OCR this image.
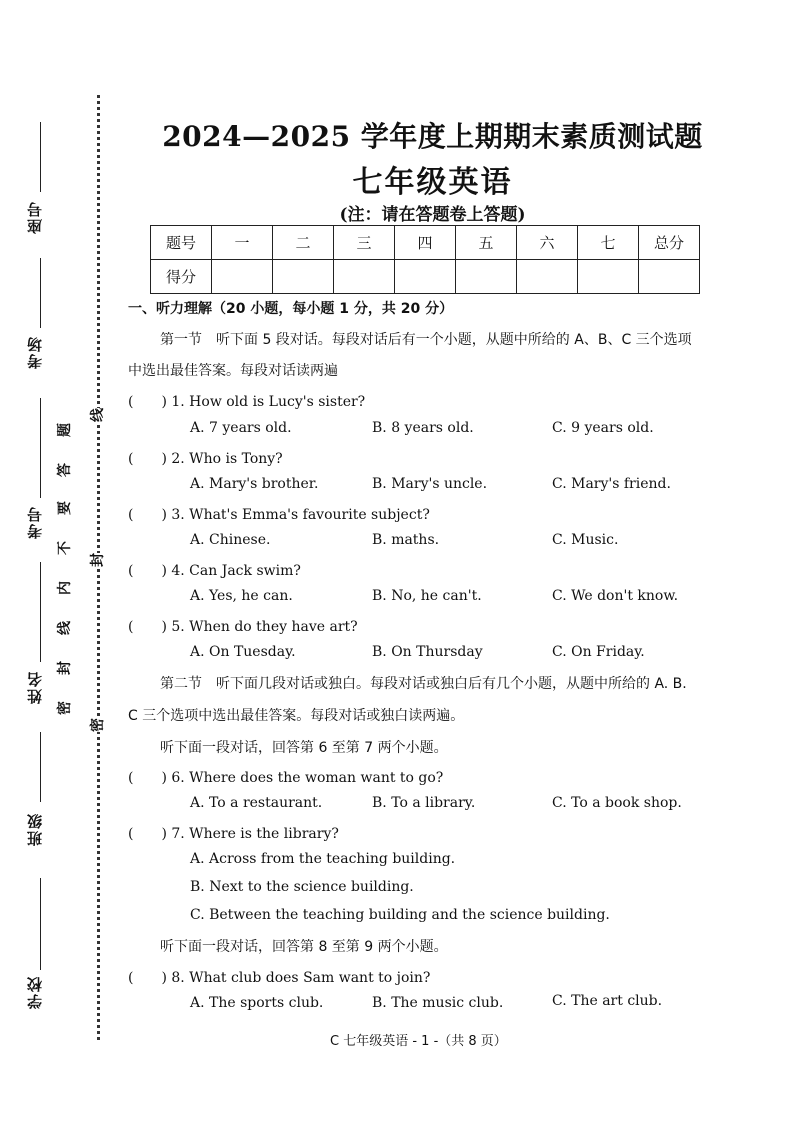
座号
考场
考号
姓名
班级
学校
题
答
要
不
内
线
封
密
线
封
密
2024—2025 学年度上期期末素质测试题
七年级英语
(注：请在答题卷上答题)
题号	一	二	三	四	五	六	七	总分
得分								
一、听力理解（20 小题，每小题 1 分，共 20 分）
第一节　听下面 5 段对话。每段对话后有一个小题，从题中所给的 A、B、C 三个选项
中选出最佳答案。每段对话读两遍
(　　) 1. How old is Lucy's sister?
A. 7 years old.	B. 8 years old.	C. 9 years old.
(　　) 2. Who is Tony?
A. Mary's brother.	B. Mary's uncle.	C. Mary's friend.
(　　) 3. What's Emma's favourite subject?
A. Chinese.	B. maths.	C. Music.
(　　) 4. Can Jack swim?
A. Yes, he can.	B. No, he can't.	C. We don't know.
(　　) 5. When do they have art?
A. On Tuesday.	B. On Thursday	C. On Friday.
第二节　听下面几段对话或独白。每段对话或独白后有几个小题，从题中所给的 A. B.
C 三个选项中选出最佳答案。每段对话或独白读两遍。
听下面一段对话，回答第 6 至第 7 两个小题。
(　　) 6. Where does the woman want to go?
A. To a restaurant.	B. To a library.	C. To a book shop.
(　　) 7. Where is the library?
A. Across from the teaching building.
B. Next to the science building.
C. Between the teaching building and the science building.
听下面一段对话，回答第 8 至第 9 两个小题。
(　　) 8. What club does Sam want to join?
A. The sports club.	B. The music club.	C. The art club.
C 七年级英语 - 1 -（共 8 页）
